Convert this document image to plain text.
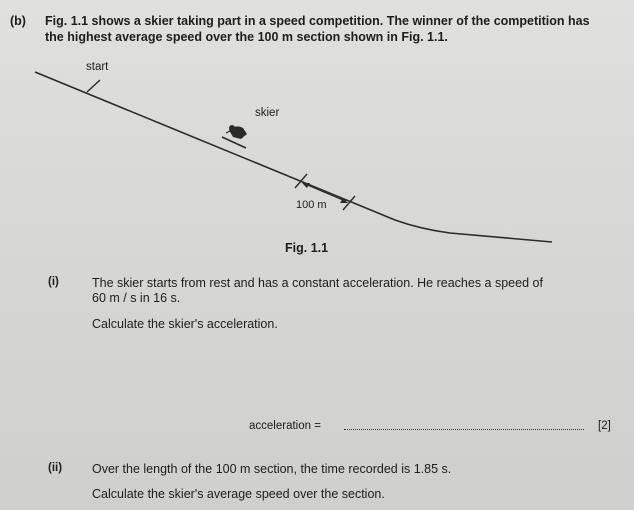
(b) Fig. 1.1 shows a skier taking part in a speed competition. The winner of the competition has
the highest average speed over the 100 m section shown in Fig. 1.1.
start
skier
100 m
Fig. 1.1
(i)	The skier starts from rest and has a constant acceleration. He reaches a speed of
60 m / s in 16 s.
Calculate the skier's acceleration.
acceleration =	[2]
(ii) Over the length of the 100 m section, the time recorded is 1.85 s.
Calculate the skier's average speed over the section.
